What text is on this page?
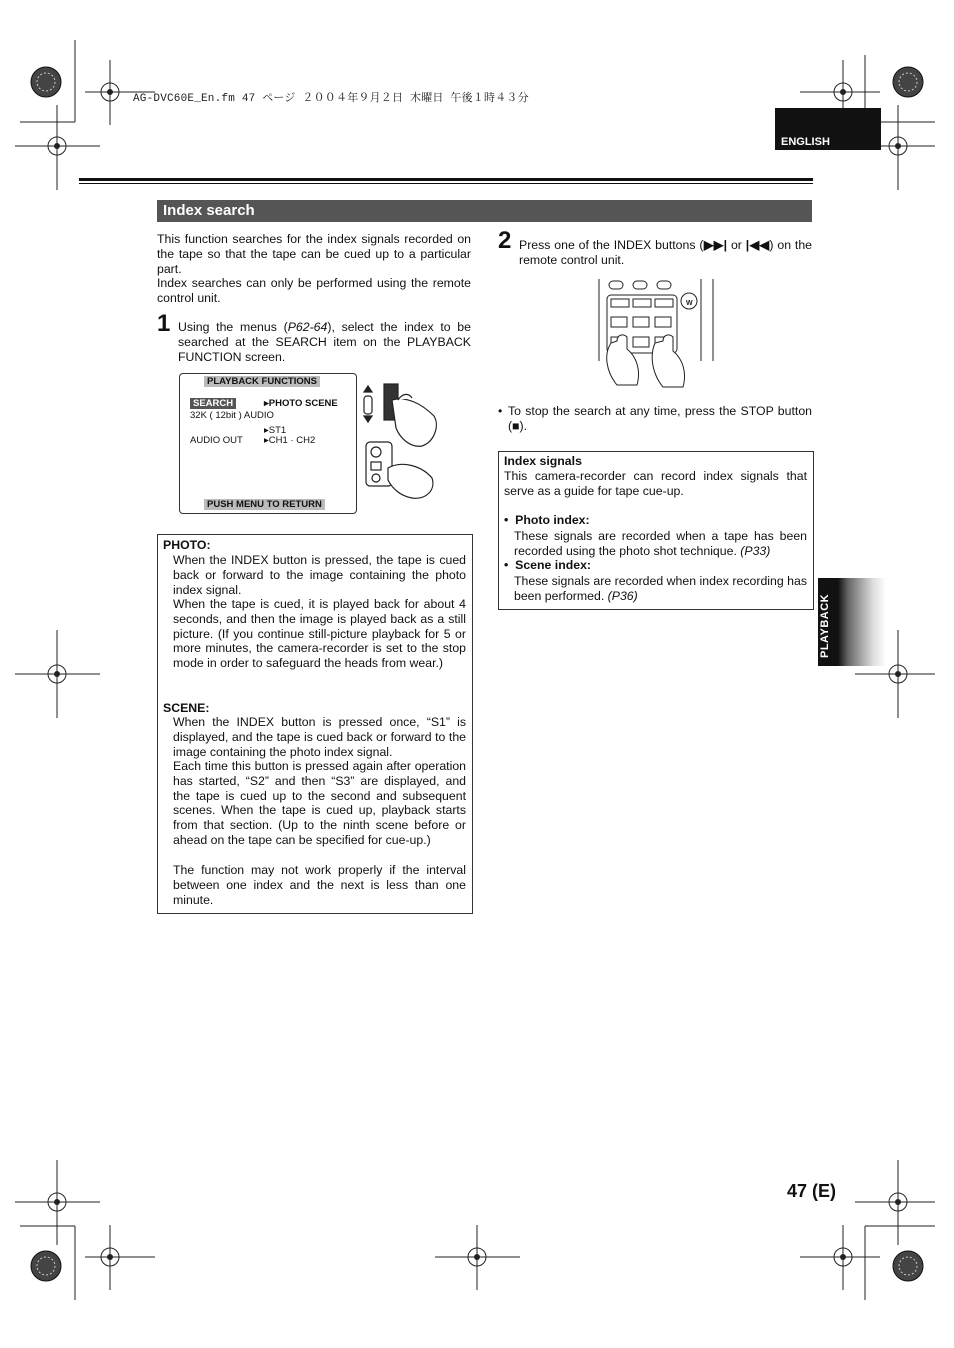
AG-DVC60E_En.fm 47 ページ ２００４年９月２日 木曜日 午後１時４３分
ENGLISH
Index search
This function searches for the index signals recorded on the tape so that the tape can be cued up to a particular part.
Index searches can only be performed using the remote control unit.
1 Using the menus (P62-64), select the index to be searched at the SEARCH item on the PLAYBACK FUNCTION screen.
PLAYBACK FUNCTIONS
SEARCH	▸PHOTO SCENE
32K ( 12bit ) AUDIO
▸ST1
AUDIO OUT ▸CH1 · CH2
PUSH MENU TO RETURN
2 Press one of the INDEX buttons (▶▶| or |◀◀) on the remote control unit.
W
• To stop the search at any time, press the STOP button (■).
PHOTO:
When the INDEX button is pressed, the tape is cued back or forward to the image containing the photo index signal.
When the tape is cued, it is played back for about 4 seconds, and then the image is played back as a still picture. (If you continue still-picture playback for 5 or more minutes, the camera-recorder is set to the stop mode in order to safeguard the heads from wear.)
SCENE:
When the INDEX button is pressed once, “S1” is displayed, and the tape is cued back or forward to the image containing the photo index signal.
Each time this button is pressed again after operation has started, “S2” and then “S3” are displayed, and the tape is cued up to the second and subsequent scenes. When the tape is cued up, playback starts from that section. (Up to the ninth scene before or ahead on the tape can be specified for cue-up.)
The function may not work properly if the interval between one index and the next is less than one minute.
Index signals
This camera-recorder can record index signals that serve as a guide for tape cue-up.
•  Photo index:
These signals are recorded when a tape has been recorded using the photo shot technique. (P33)
•  Scene index:
These signals are recorded when index recording has been performed. (P36)	PLAYBACK
47 (E)
